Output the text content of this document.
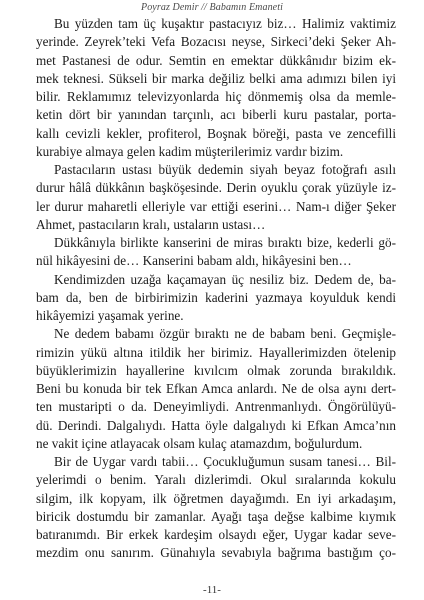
Poyraz Demir // Babamın Emaneti
Bu yüzden tam üç kuşaktır pastacıyız biz… Halimiz vaktimiz
yerinde. Zeyrek’teki Vefa Bozacısı neyse, Sirkeci’deki Şeker Ah-
met Pastanesi de odur. Semtin en emektar dükkânıdır bizim ek-
mek teknesi. Sükseli bir marka değiliz belki ama adımızı bilen iyi
bilir. Reklamımız televizyonlarda hiç dönmemiş olsa da memle-
ketin dört bir yanından tarçınlı, acı biberli kuru pastalar, porta-
kallı cevizli kekler, profiterol, Boşnak böreği, pasta ve zencefilli
kurabiye almaya gelen kadim müşterilerimiz vardır bizim.
Pastacıların ustası büyük dedemin siyah beyaz fotoğrafı asılı
durur hâlâ dükkânın başköşesinde. Derin oyuklu çorak yüzüyle iz-
ler durur maharetli elleriyle var ettiği eserini… Nam-ı diğer Şeker
Ahmet, pastacıların kralı, ustaların ustası…
Dükkânıyla birlikte kanserini de miras bıraktı bize, kederli gö-
nül hikâyesini de… Kanserini babam aldı, hikâyesini ben…
Kendimizden uzağa kaçamayan üç nesiliz biz. Dedem de, ba-
bam da, ben de birbirimizin kaderini yazmaya koyulduk kendi
hikâyemizi yaşamak yerine.
Ne dedem babamı özgür bıraktı ne de babam beni. Geçmişle-
rimizin yükü altına itildik her birimiz. Hayallerimizden ötelenip
büyüklerimizin hayallerine kıvılcım olmak zorunda bırakıldık.
Beni bu konuda bir tek Efkan Amca anlardı. Ne de olsa aynı dert-
ten mustaripti o da. Deneyimliydi. Antrenmanlıydı. Öngörülüyü-
dü. Derindi. Dalgalıydı. Hatta öyle dalgalıydı ki Efkan Amca’nın
ne vakit içine atlayacak olsam kulaç atamazdım, boğulurdum.
Bir de Uygar vardı tabii… Çocukluğumun susam tanesi… Bil-
yelerimdi o benim. Yaralı dizlerimdi. Okul sıralarında kokulu
silgim, ilk kopyam, ilk öğretmen dayağımdı. En iyi arkadaşım,
biricik dostumdu bir zamanlar. Ayağı taşa değse kalbime kıymık
batıranımdı. Bir erkek kardeşim olsaydı eğer, Uygar kadar seve-
mezdim onu sanırım. Günahıyla sevabıyla bağrıma bastığım ço-
-11-
